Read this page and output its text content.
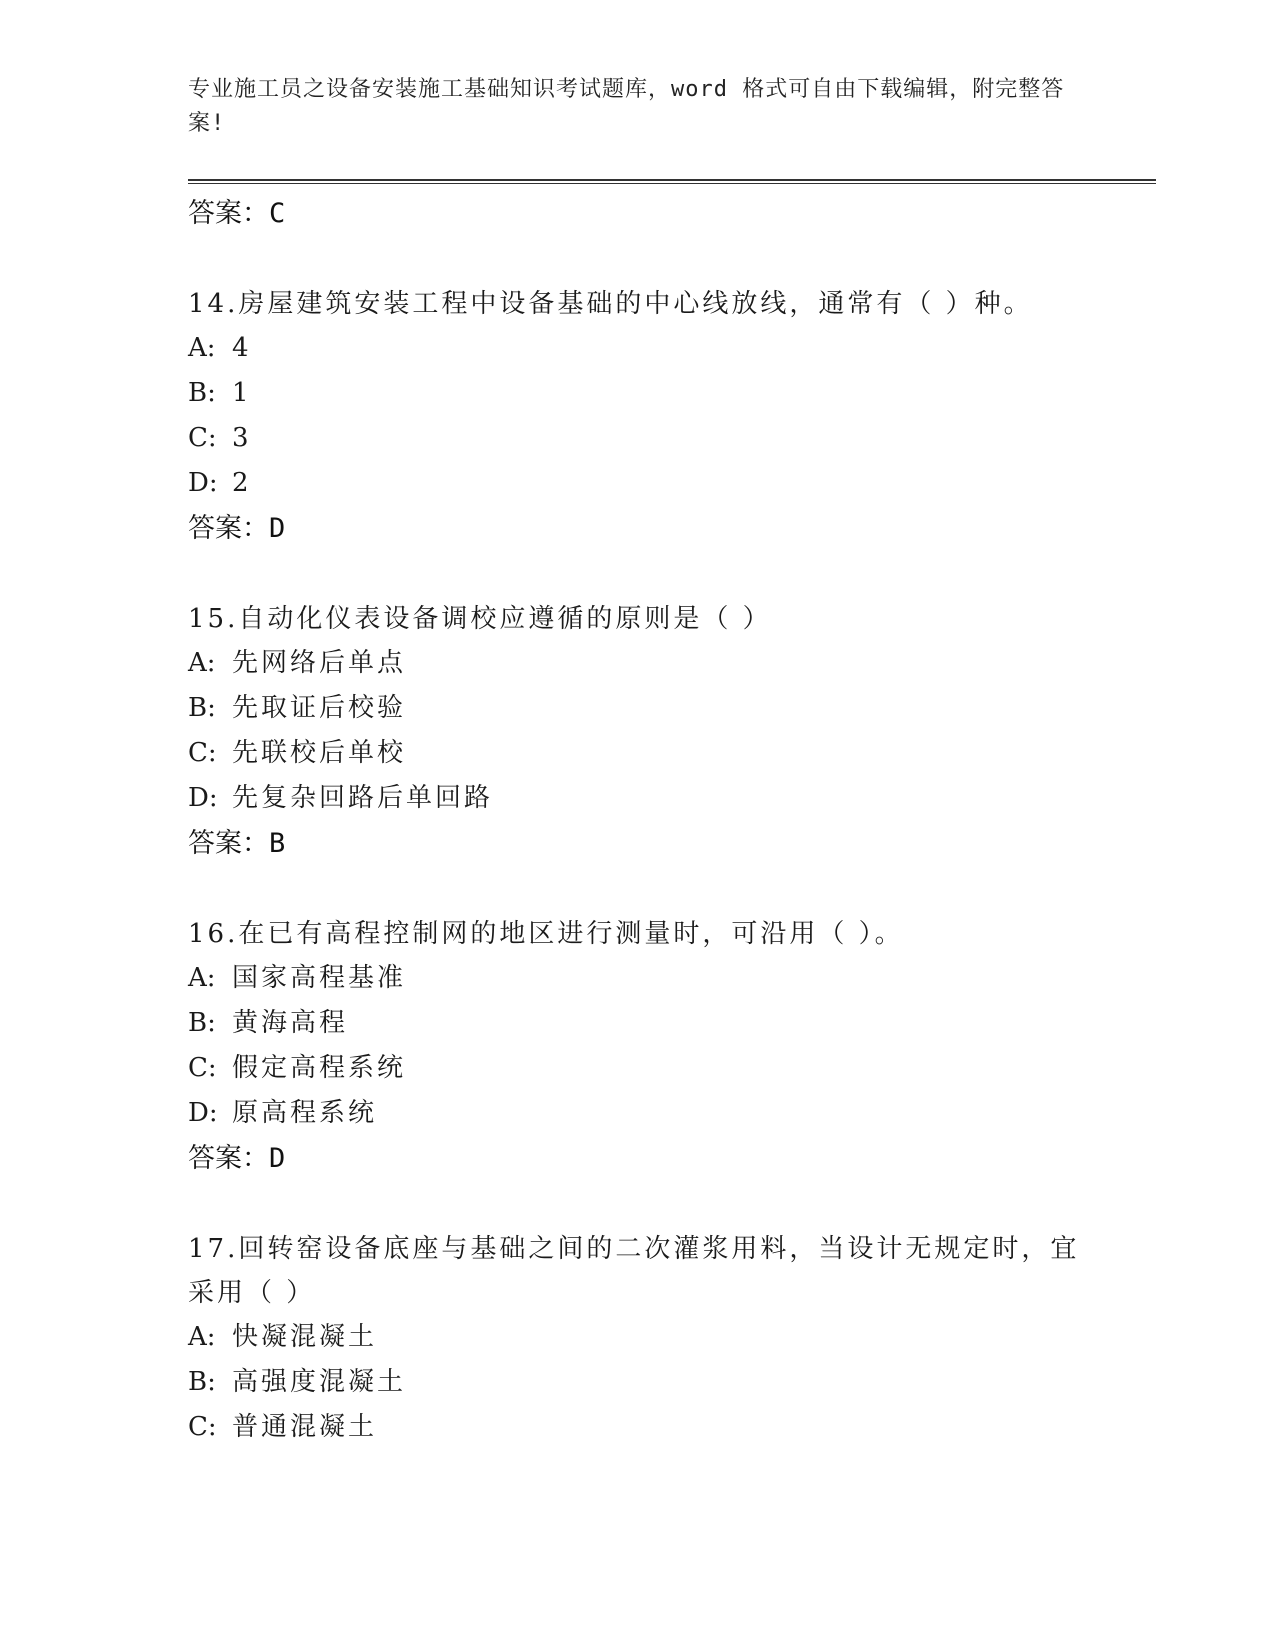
专业施工员之设备安装施工基础知识考试题库，word 格式可自由下载编辑，附完整答案!
答案：C
14.房屋建筑安装工程中设备基础的中心线放线，通常有（ ）种。
A: 4
B: 1
C: 3
D: 2
答案：D
15.自动化仪表设备调校应遵循的原则是（ ）
A: 先网络后单点
B: 先取证后校验
C: 先联校后单校
D: 先复杂回路后单回路
答案：B
16.在已有高程控制网的地区进行测量时，可沿用（ ）。
A: 国家高程基准
B: 黄海高程
C: 假定高程系统
D: 原高程系统
答案：D
17.回转窑设备底座与基础之间的二次灌浆用料，当设计无规定时，宜采用（ ）
A: 快凝混凝土
B: 高强度混凝土
C: 普通混凝土
